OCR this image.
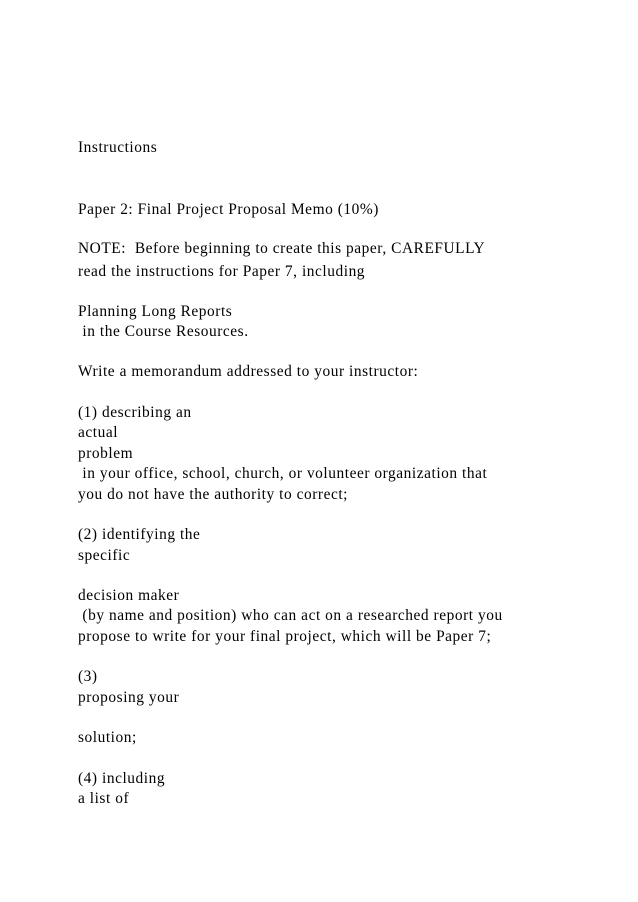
Instructions

Paper 2: Final Project Proposal Memo (10%)

NOTE:  Before beginning to create this paper, CAREFULLY

read the instructions for Paper 7, including

Planning Long Reports

in the Course Resources.

Write a memorandum addressed to your instructor:

(1) describing an

actual

problem

in your office, school, church, or volunteer organization that

you do not have the authority to correct;

(2) identifying the

specific

decision maker

(by name and position) who can act on a researched report you

propose to write for your final project, which will be Paper 7;

(3)

proposing your

solution;

(4) including

a list of
